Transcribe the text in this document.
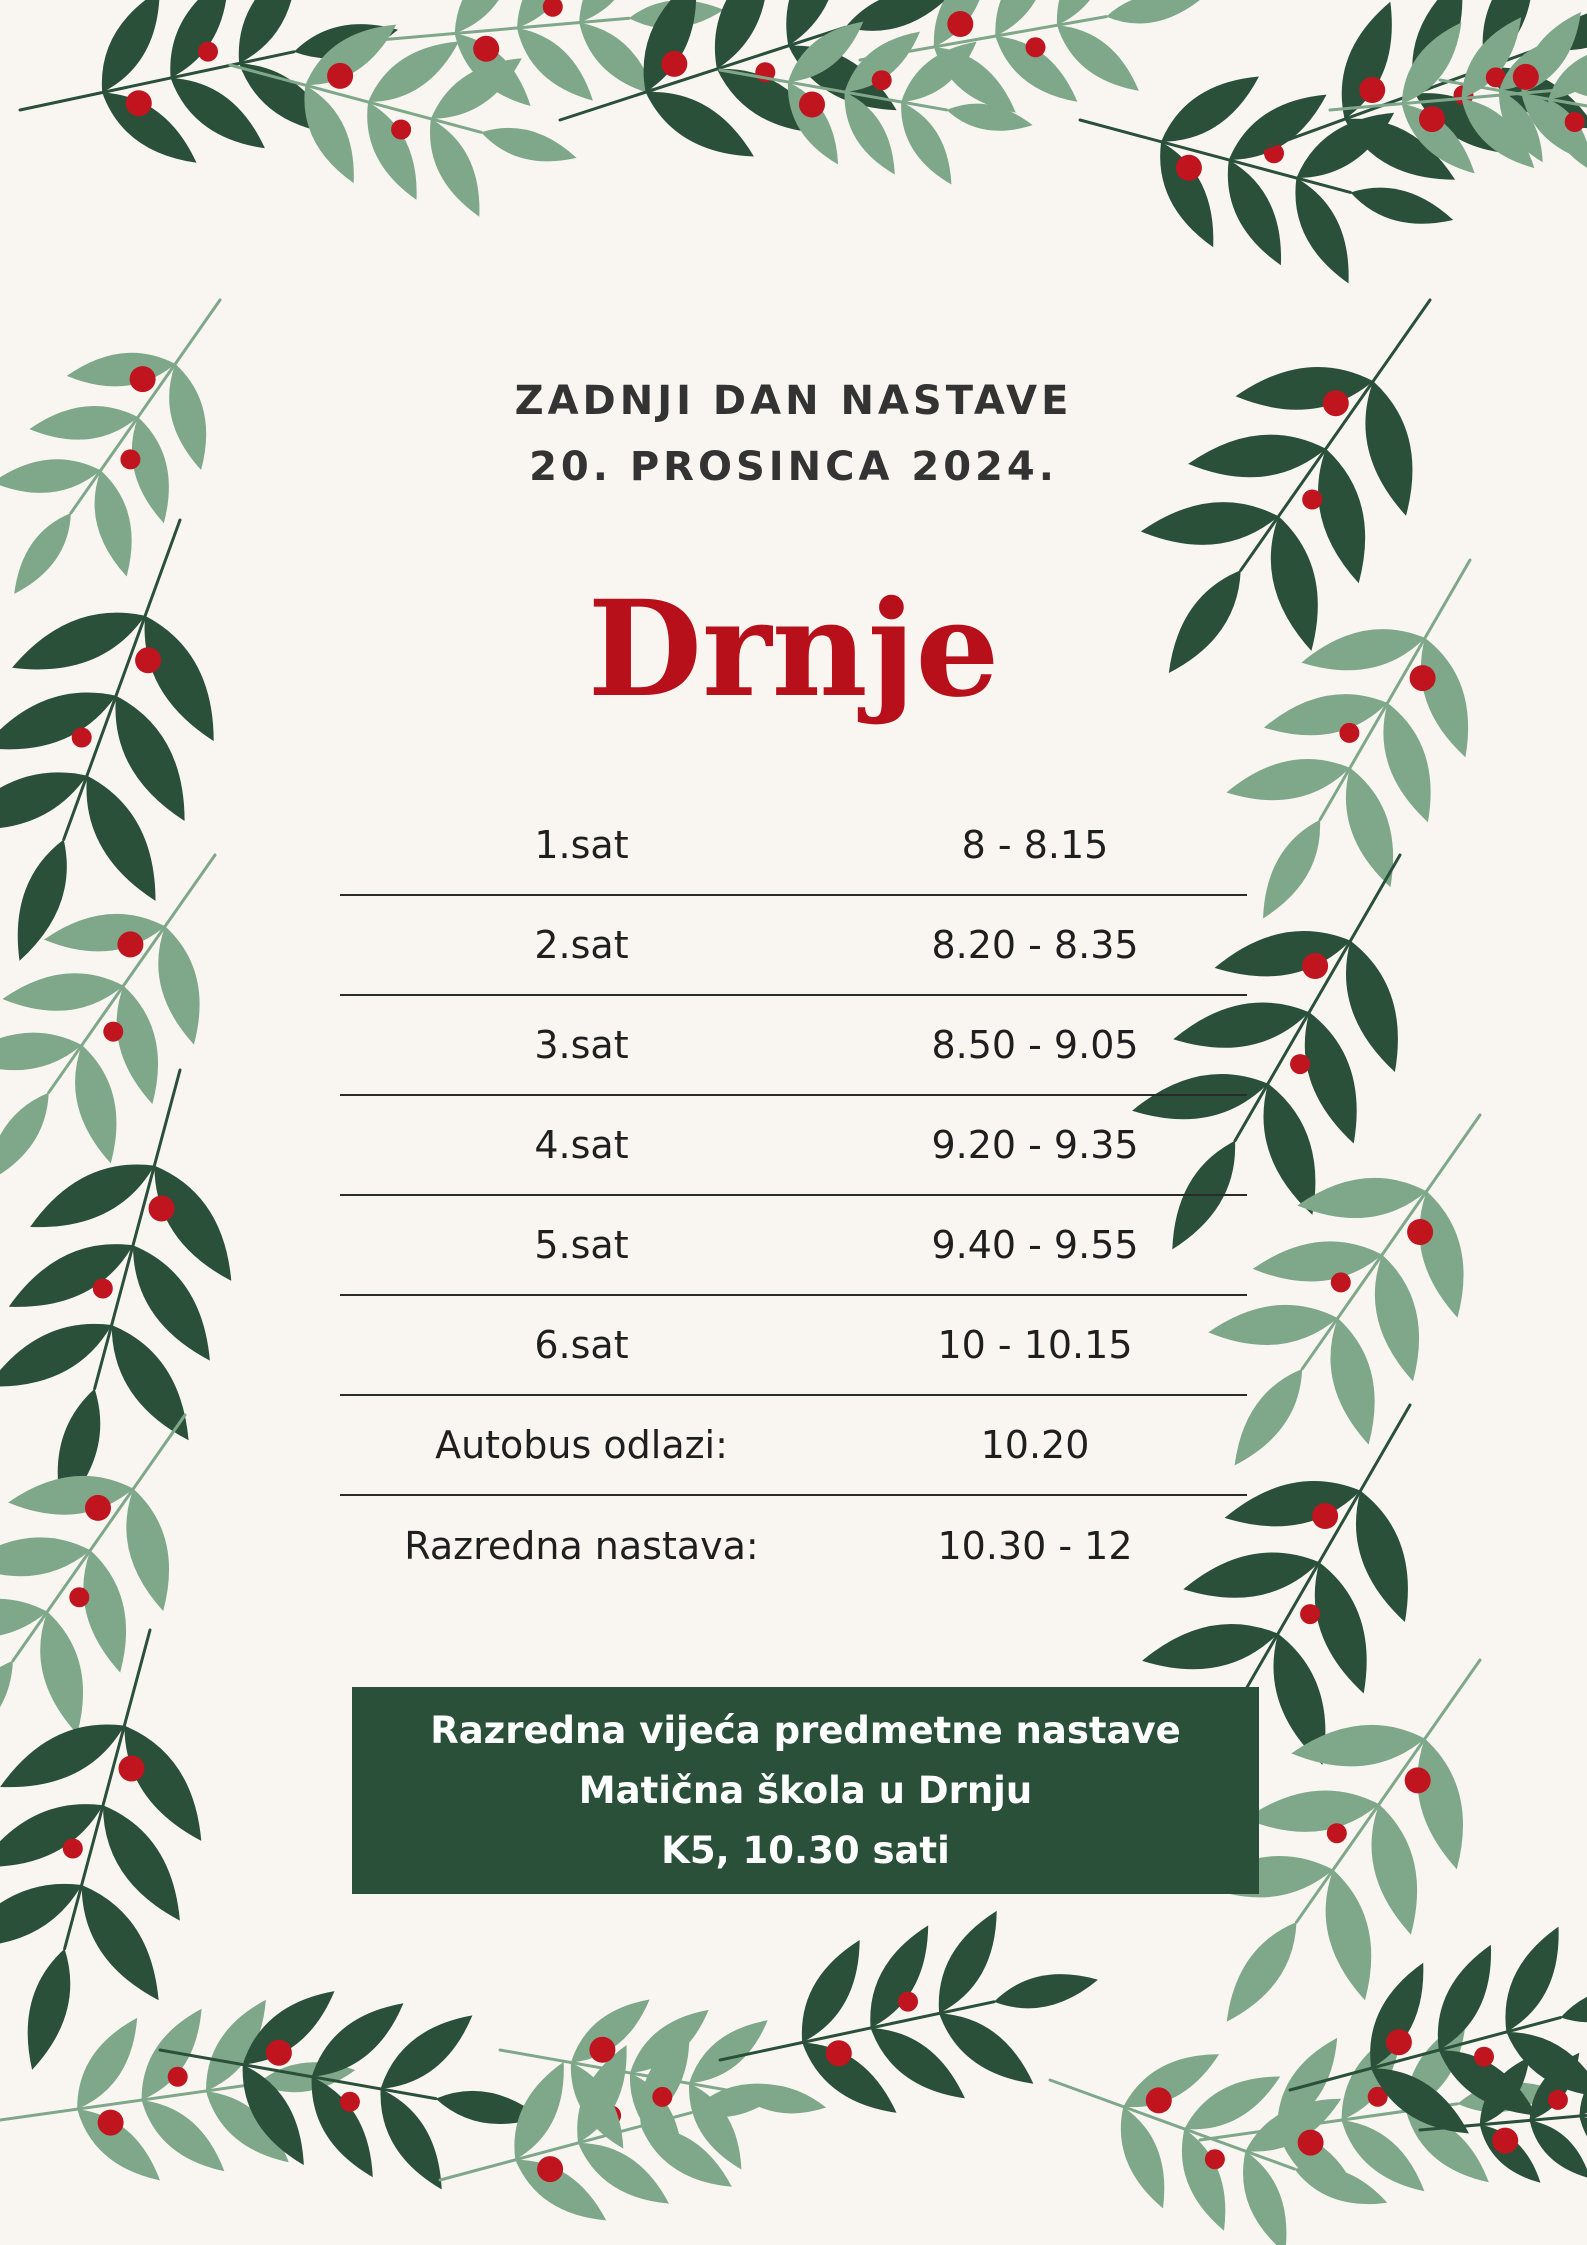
ZADNJI DAN NASTAVE
20. PROSINCA 2024.
Drnje
1.sat	8 - 8.15
2.sat	8.20 - 8.35
3.sat	8.50 - 9.05
4.sat	9.20 - 9.35
5.sat	9.40 - 9.55
6.sat	10 - 10.15
Autobus odlazi:	10.20
Razredna nastava:	10.30 - 12
Razredna vijeća predmetne nastave
Matična škola u Drnju
K5, 10.30 sati
